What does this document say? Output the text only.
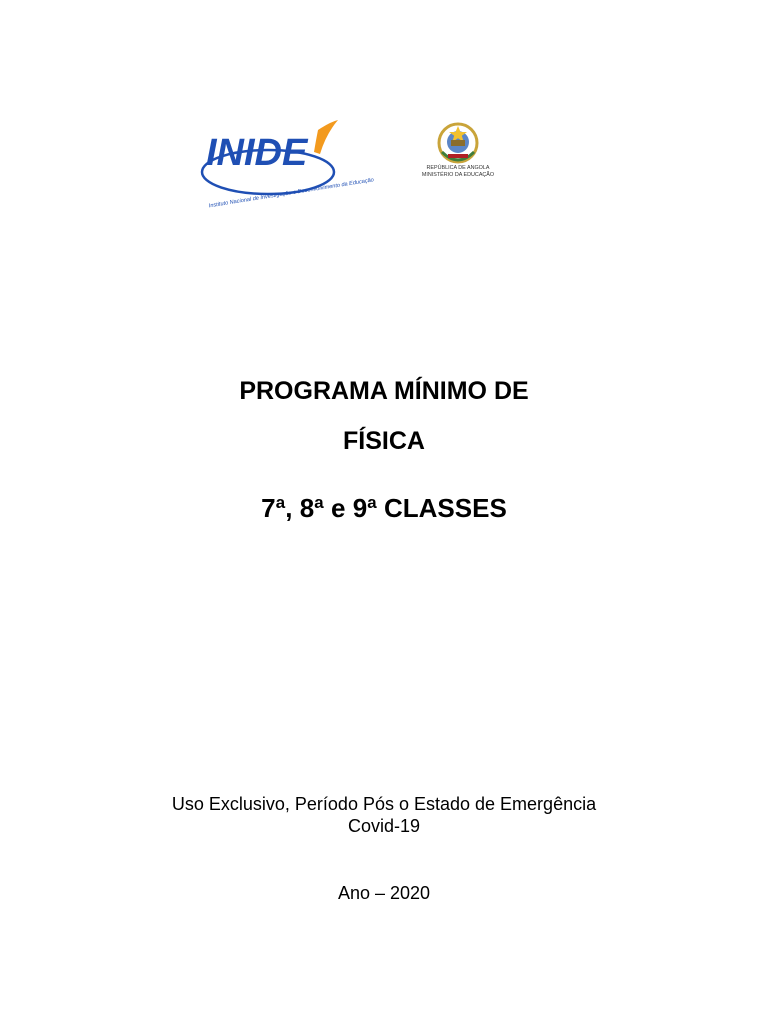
INIDE
Instituto Nacional de Investigação e Desenvolvimento da Educação
REPÚBLICA DE ANGOLA
MINISTÉRIO DA EDUCAÇÃO
PROGRAMA MÍNIMO DE
FÍSICA
7ª, 8ª e 9ª CLASSES

Uso Exclusivo, Período Pós o Estado de Emergência

Covid-19

Ano – 2020
